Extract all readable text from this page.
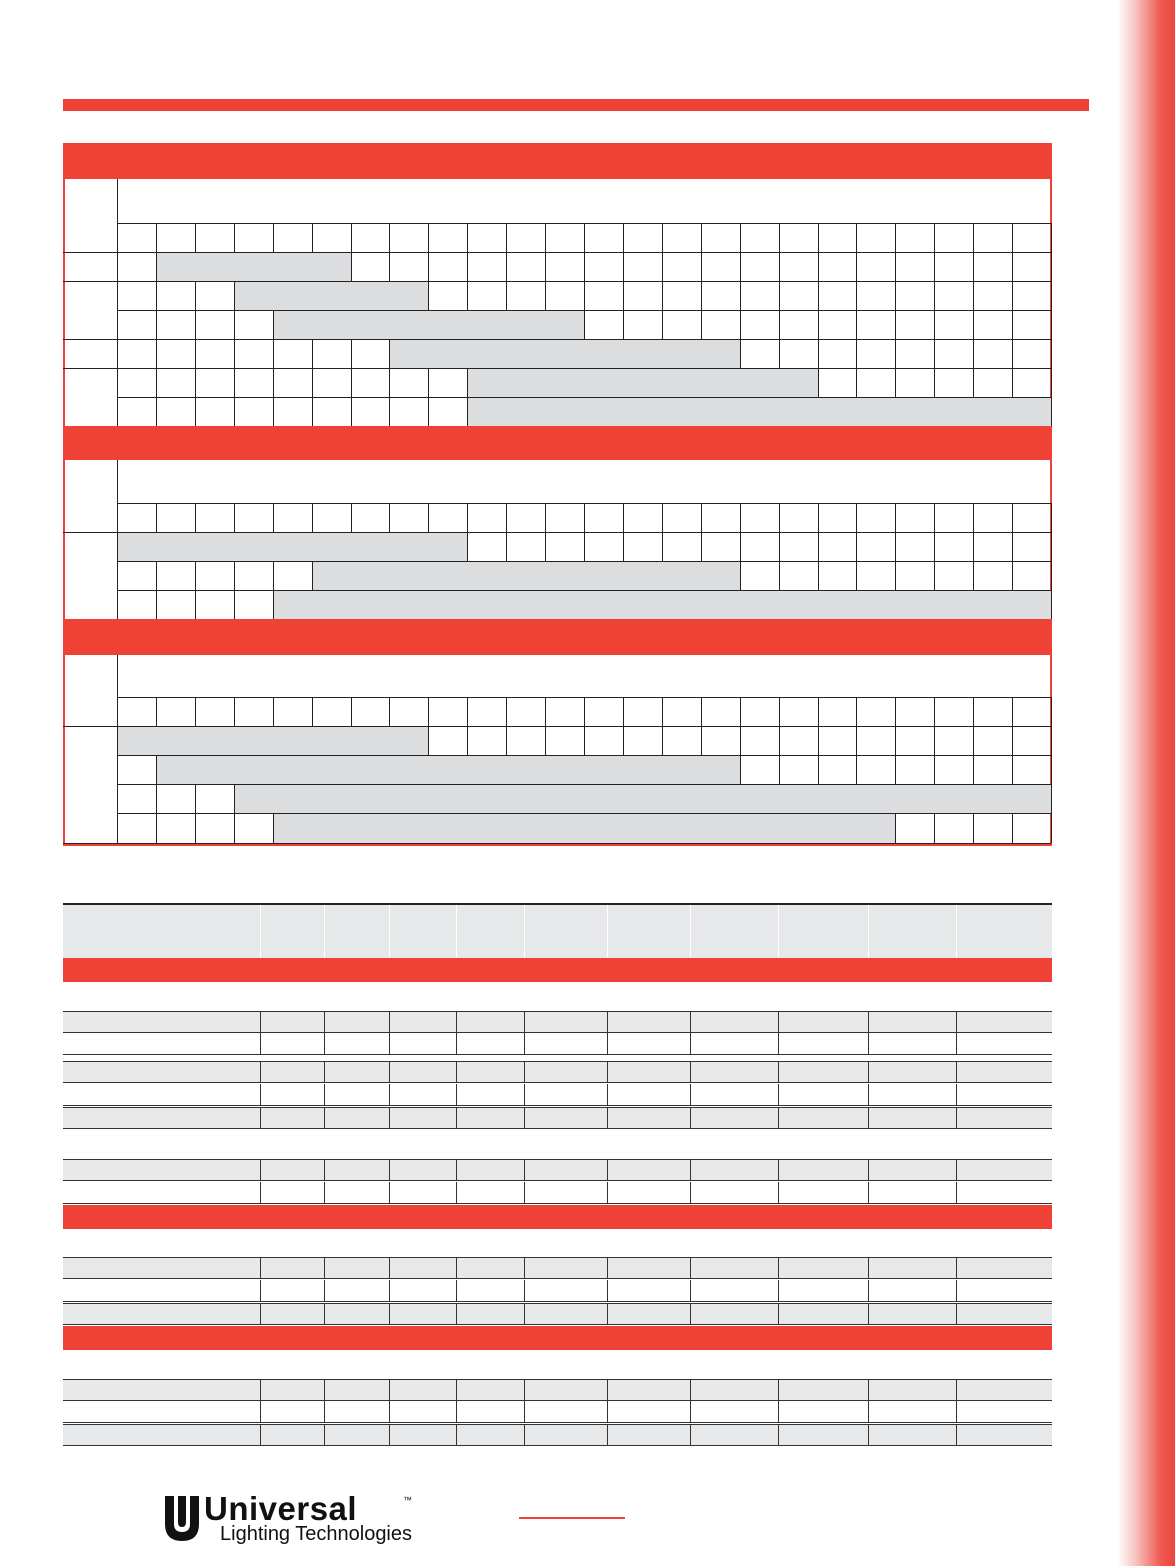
Universal	™
Lighting Technologies
